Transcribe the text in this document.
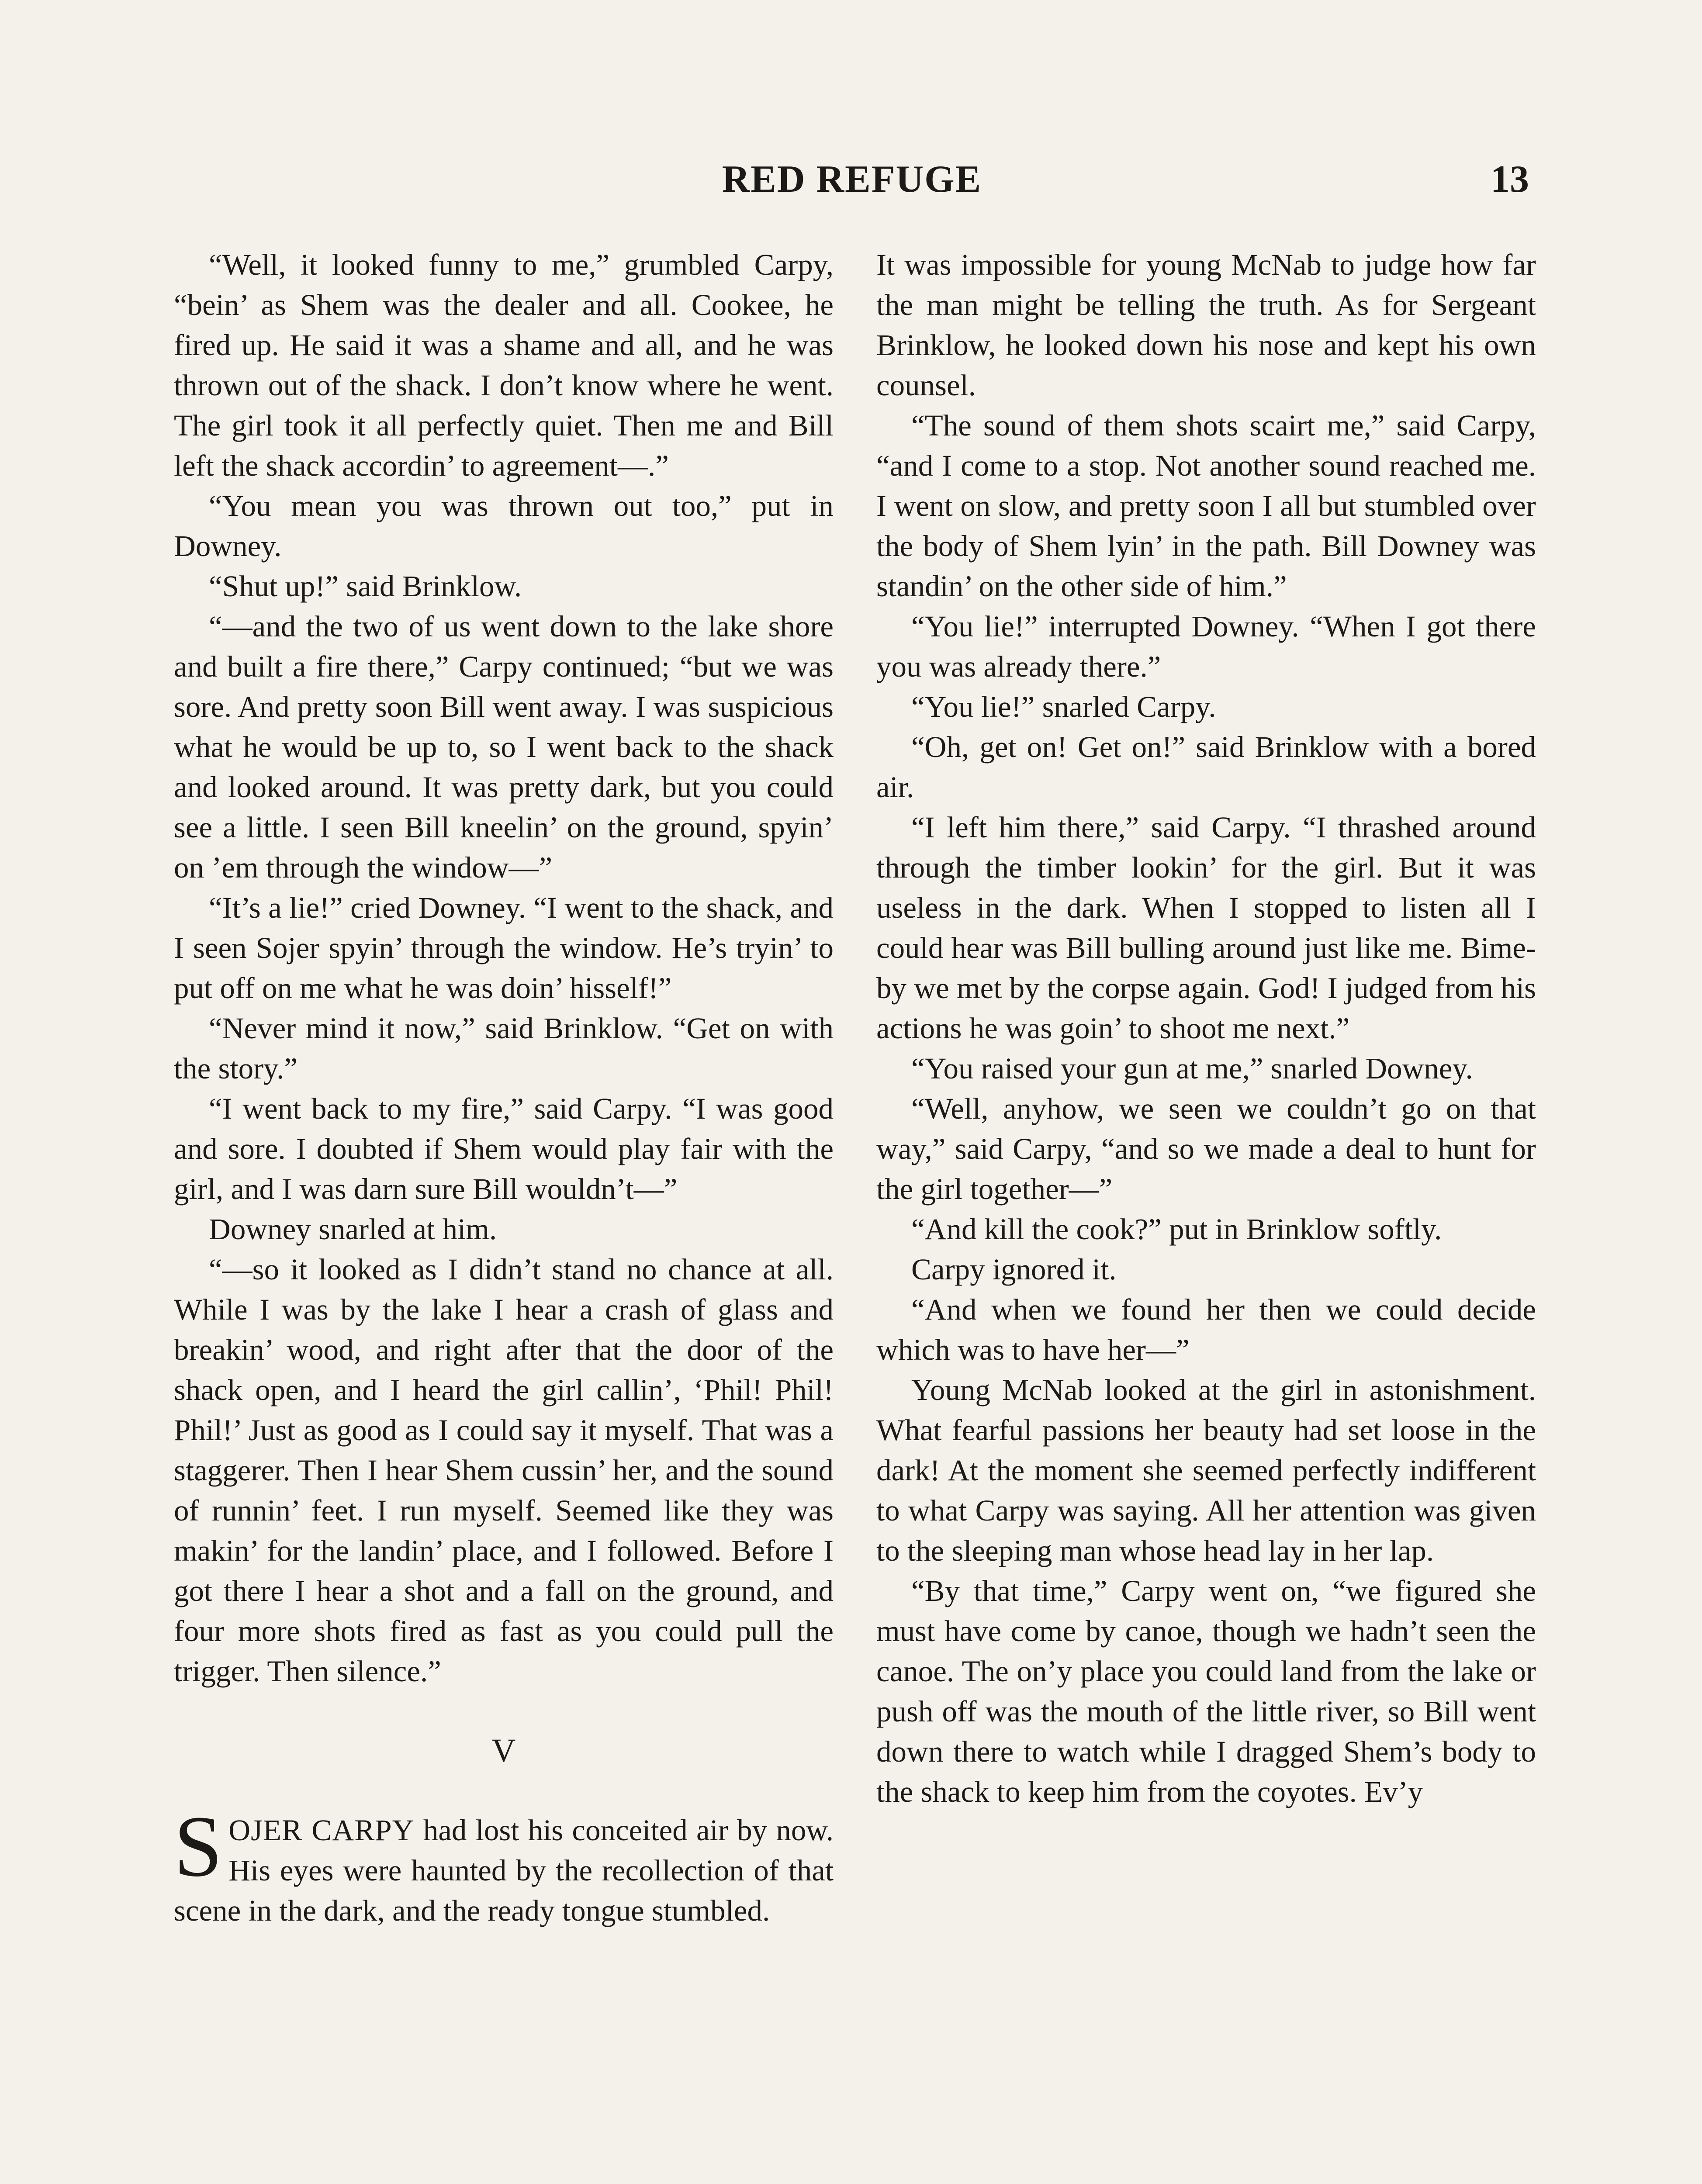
RED REFUGE	13

“Well, it looked funny to me,” grumbled Carpy, “bein’ as Shem was the dealer and all. Cookee, he fired up. He said it was a shame and all, and he was thrown out of the shack. I don’t know where he went. The girl took it all perfectly quiet. Then me and Bill left the shack accordin’ to agreement—.”

“You mean you was thrown out too,” put in Downey.

“Shut up!” said Brinklow.

“—and the two of us went down to the lake shore and built a fire there,” Carpy continued; “but we was sore. And pretty soon Bill went away. I was suspicious what he would be up to, so I went back to the shack and looked around. It was pretty dark, but you could see a little. I seen Bill kneelin’ on the ground, spyin’ on ’em through the window—”

“It’s a lie!” cried Downey. “I went to the shack, and I seen Sojer spyin’ through the window. He’s tryin’ to put off on me what he was doin’ hisself!”

“Never mind it now,” said Brinklow. “Get on with the story.”

“I went back to my fire,” said Carpy. “I was good and sore. I doubted if Shem would play fair with the girl, and I was darn sure Bill wouldn’t—”

Downey snarled at him.

“—so it looked as I didn’t stand no chance at all. While I was by the lake I hear a crash of glass and breakin’ wood, and right after that the door of the shack open, and I heard the girl callin’, ‘Phil! Phil! Phil!’ Just as good as I could say it myself. That was a staggerer. Then I hear Shem cussin’ her, and the sound of runnin’ feet. I run myself. Seemed like they was makin’ for the landin’ place, and I followed. Before I got there I hear a shot and a fall on the ground, and four more shots fired as fast as you could pull the trigger. Then silence.”

V

SOJER CARPY had lost his conceited air by now. His eyes were haunted by the recollection of that scene in the dark, and the ready tongue stumbled.

It was impossible for young McNab to judge how far the man might be telling the truth. As for Sergeant Brinklow, he looked down his nose and kept his own counsel.

“The sound of them shots scairt me,” said Carpy, “and I come to a stop. Not another sound reached me. I went on slow, and pretty soon I all but stumbled over the body of Shem lyin’ in the path. Bill Downey was standin’ on the other side of him.”

“You lie!” interrupted Downey. “When I got there you was already there.”

“You lie!” snarled Carpy.

“Oh, get on! Get on!” said Brinklow with a bored air.

“I left him there,” said Carpy. “I thrashed around through the timber lookin’ for the girl. But it was useless in the dark. When I stopped to listen all I could hear was Bill bulling around just like me. Bime-by we met by the corpse again. God! I judged from his actions he was goin’ to shoot me next.”

“You raised your gun at me,” snarled Downey.

“Well, anyhow, we seen we couldn’t go on that way,” said Carpy, “and so we made a deal to hunt for the girl together—”

“And kill the cook?” put in Brinklow softly.

Carpy ignored it.

“And when we found her then we could decide which was to have her—”

Young McNab looked at the girl in astonishment. What fearful passions her beauty had set loose in the dark! At the moment she seemed perfectly indifferent to what Carpy was saying. All her attention was given to the sleeping man whose head lay in her lap.

“By that time,” Carpy went on, “we figured she must have come by canoe, though we hadn’t seen the canoe. The on’y place you could land from the lake or push off was the mouth of the little river, so Bill went down there to watch while I dragged Shem’s body to the shack to keep him from the coyotes. Ev’y
